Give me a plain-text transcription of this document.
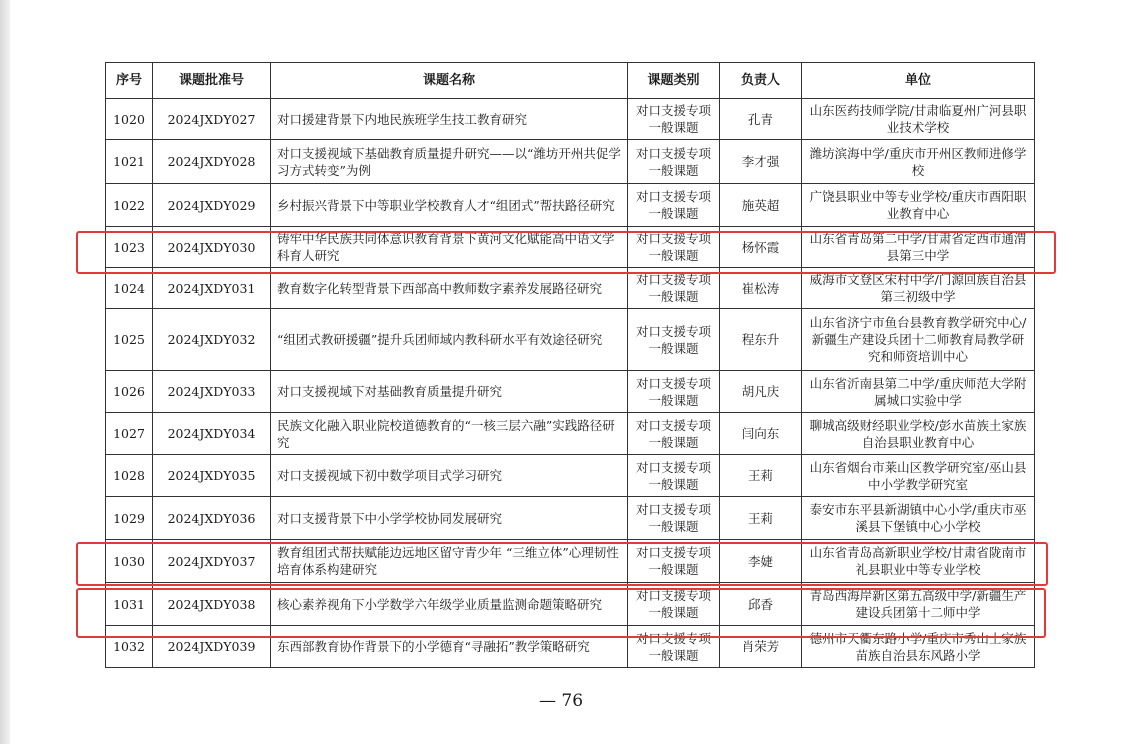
序号	课题批准号	课题名称	课题类别	负责人	单位
1020	2024JXDY027	对口援建背景下内地民族班学生技工教育研究	对口支援专项一般课题	孔青	山东医药技师学院/甘肃临夏州广河县职业技术学校
1021	2024JXDY028	对口支援视域下基础教育质量提升研究——以“潍坊开州共促学习方式转变”为例	对口支援专项一般课题	李才强	潍坊滨海中学/重庆市开州区教师进修学校
1022	2024JXDY029	乡村振兴背景下中等职业学校教育人才“组团式”帮扶路径研究	对口支援专项一般课题	施英超	广饶县职业中等专业学校/重庆市酉阳职业教育中心
1023	2024JXDY030	铸牢中华民族共同体意识教育背景下黄河文化赋能高中语文学科育人研究	对口支援专项一般课题	杨怀霞	山东省青岛第二中学/甘肃省定西市通渭县第三中学
1024	2024JXDY031	教育数字化转型背景下西部高中教师数字素养发展路径研究	对口支援专项一般课题	崔松涛	威海市文登区宋村中学/门源回族自治县第三初级中学
1025	2024JXDY032	“组团式教研援疆”提升兵团师域内教科研水平有效途径研究	对口支援专项一般课题	程东升	山东省济宁市鱼台县教育教学研究中心/新疆生产建设兵团十二师教育局教学研究和师资培训中心
1026	2024JXDY033	对口支援视域下对基础教育质量提升研究	对口支援专项一般课题	胡凡庆	山东省沂南县第二中学/重庆师范大学附属城口实验中学
1027	2024JXDY034	民族文化融入职业院校道德教育的“一核三层六融”实践路径研究	对口支援专项一般课题	闫向东	聊城高级财经职业学校/彭水苗族土家族自治县职业教育中心
1028	2024JXDY035	对口支援视域下初中数学项目式学习研究	对口支援专项一般课题	王莉	山东省烟台市莱山区教学研究室/巫山县中小学教学研究室
1029	2024JXDY036	对口支援背景下中小学学校协同发展研究	对口支援专项一般课题	王莉	泰安市东平县新湖镇中心小学/重庆市巫溪县下堡镇中心小学校
1030	2024JXDY037	教育组团式帮扶赋能边远地区留守青少年 “三维立体”心理韧性培育体系构建研究	对口支援专项一般课题	李婕	山东省青岛高新职业学校/甘肃省陇南市礼县职业中等专业学校
1031	2024JXDY038	核心素养视角下小学数学六年级学业质量监测命题策略研究	对口支援专项一般课题	邱香	青岛西海岸新区第五高级中学/新疆生产建设兵团第十二师中学
1032	2024JXDY039	东西部教育协作背景下的小学德育“寻融拓”教学策略研究	对口支援专项一般课题	肖荣芳	德州市天衢东路小学/重庆市秀山土家族苗族自治县东风路小学
— 76
